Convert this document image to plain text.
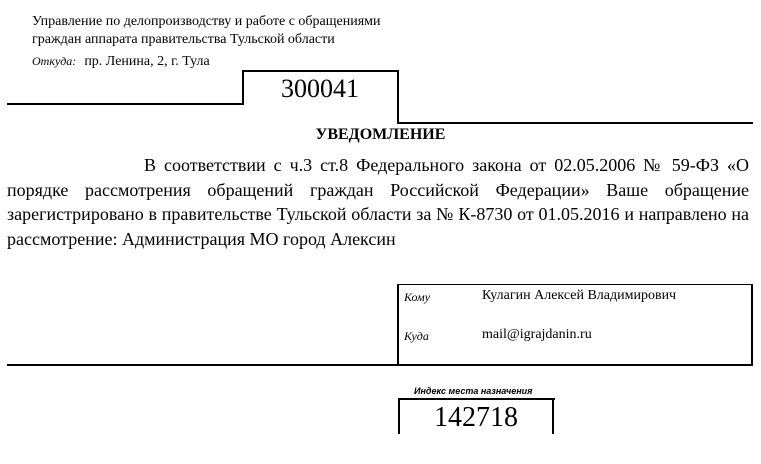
Управление по делопроизводству и работе с обращениями
граждан аппарата правительства Тульской области
Откуда: пр. Ленина, 2, г. Тула
300041
УВЕДОМЛЕНИЕ
В соответствии с ч.3 ст.8 Федерального закона от 02.05.2006 № 59-ФЗ «О порядке рассмотрения обращений граждан Российской Федерации» Ваше обращение зарегистрировано в правительстве Тульской области за № К-8730 от 01.05.2016 и направлено на рассмотрение: Администрация МО город Алексин
Кому	Кулагин Алексей Владимирович
Куда	mail@igrajdanin.ru
Индекс места назначения
142718
